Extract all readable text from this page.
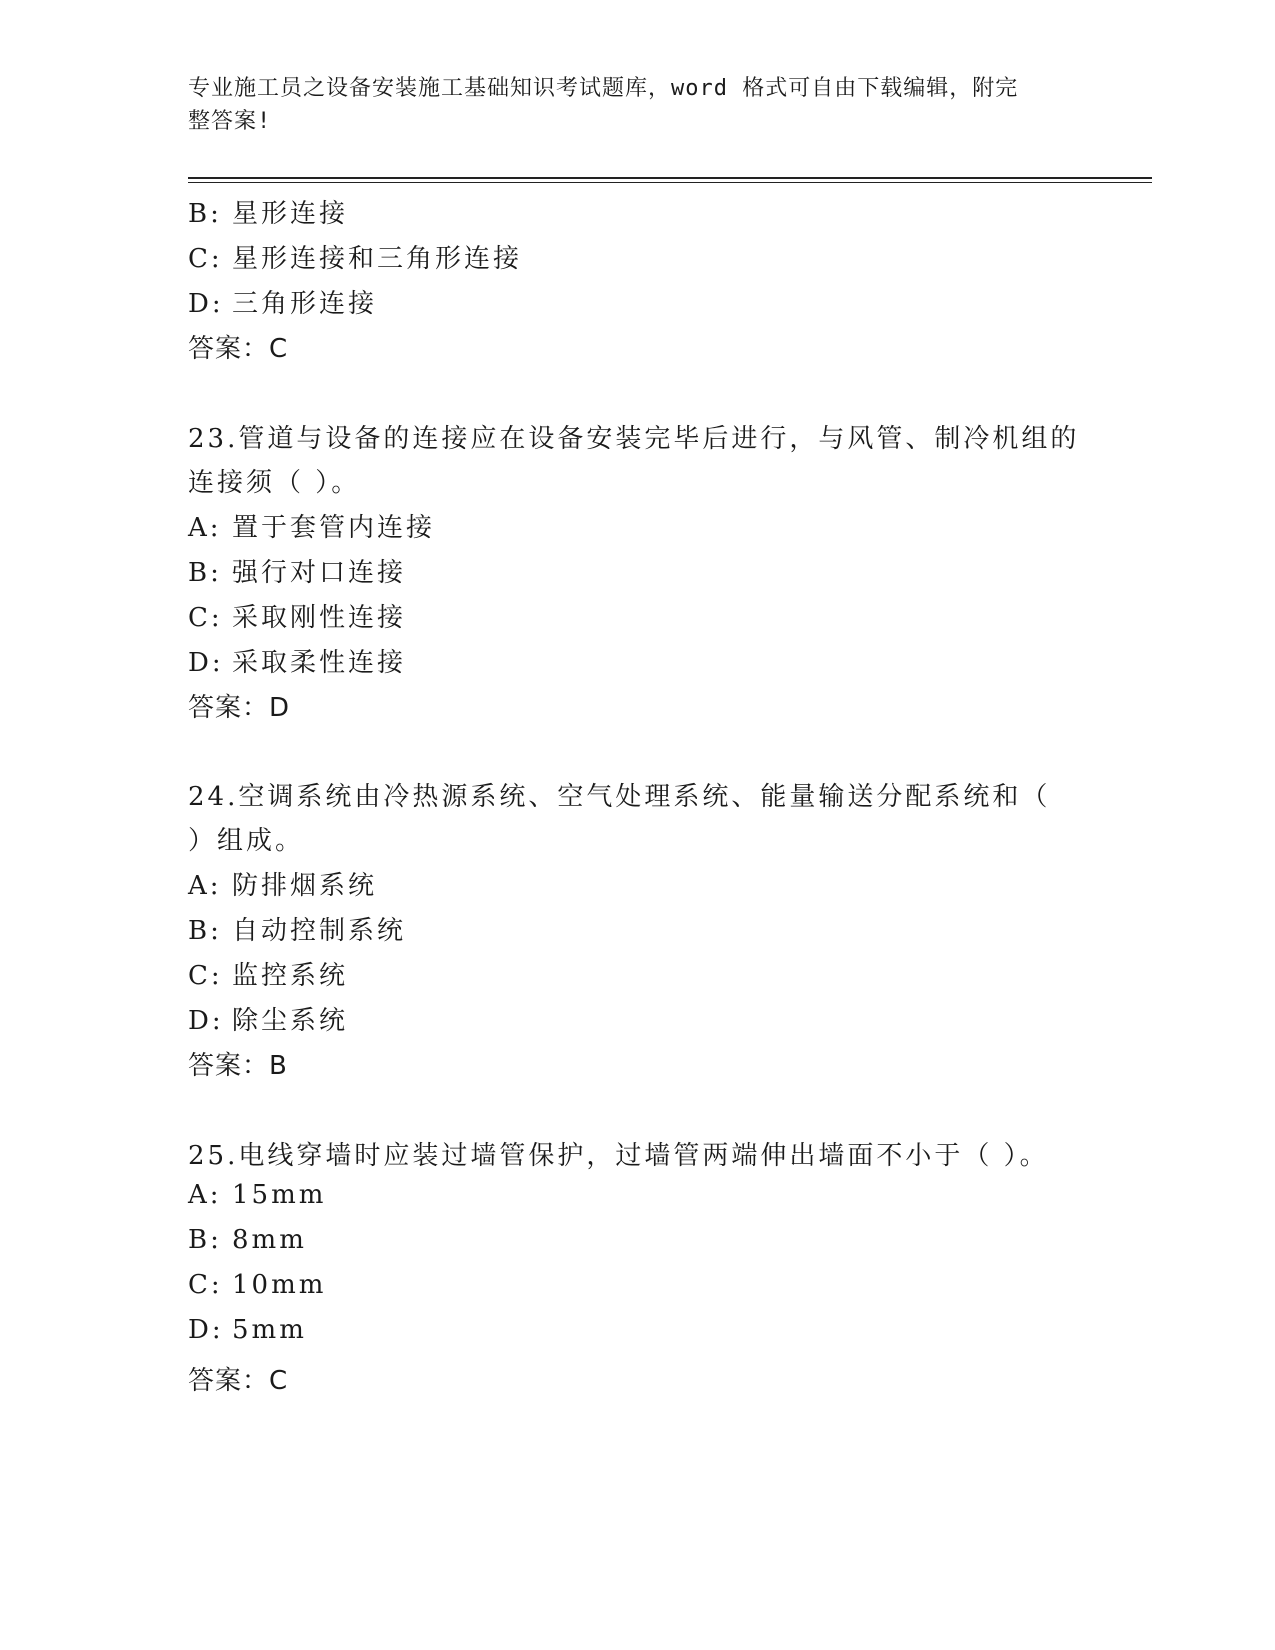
专业施工员之设备安装施工基础知识考试题库，word 格式可自由下载编辑，附完
整答案!
B: 星形连接
C: 星形连接和三角形连接
D: 三角形连接
答案：C
23.管道与设备的连接应在设备安装完毕后进行，与风管、制冷机组的
连接须（ ）。
A: 置于套管内连接
B: 强行对口连接
C: 采取刚性连接
D: 采取柔性连接
答案：D
24.空调系统由冷热源系统、空气处理系统、能量输送分配系统和（
）组成。
A: 防排烟系统
B: 自动控制系统
C: 监控系统
D: 除尘系统
答案：B
25.电线穿墙时应装过墙管保护，过墙管两端伸出墙面不小于（ ）。
A: 15mm
B: 8mm
C: 10mm
D: 5mm
答案：C
